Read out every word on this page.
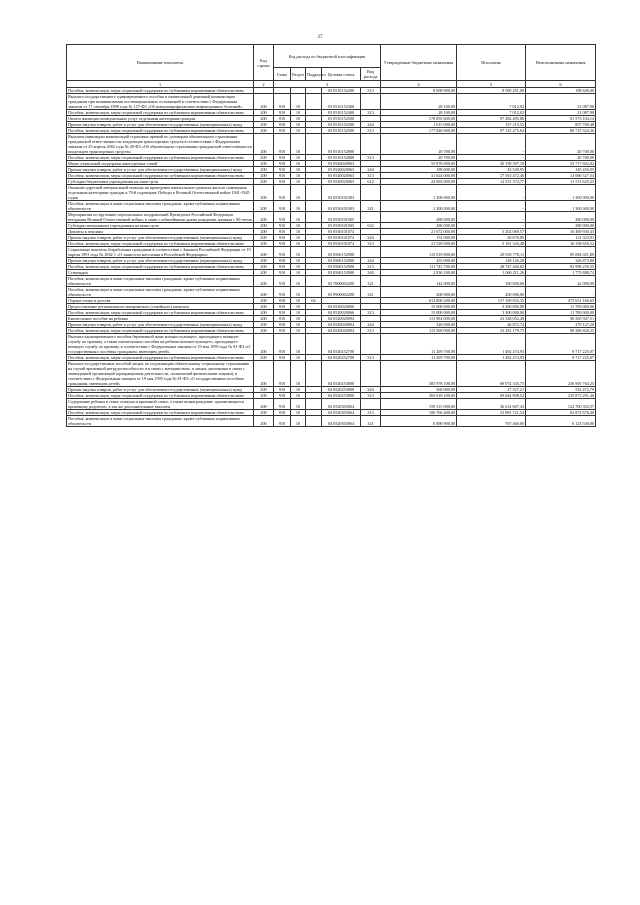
37
Наименование показателя	Код строки	Код расхода по бюджетной классификации					Утвержденные бюджетные назначения	Исполнено	Неисполненные назначения
		Глава	Раздел	Подраздел	Целевая статья	Вид расхода			
1	2	3					4	5	6
Пособия, компенсации, меры социальной поддержки по публичным нормативным обязательствам					03 0510152200	313	8 698 900,00	8 500 251,00	198 649,00
Выплата государственного единовременного пособия и ежемесячной денежной компенсации гражданам при возникновении поствакцинальных осложнений в соответствии с Федеральным законом от 17 сентября 1998 года № 157-ФЗ «Об иммунопрофилактике инфекционных болезней»	200	910	10		03 0510152400		28 100,00	7 012,02	21 087,98
Пособия, компенсации, меры социальной поддержки по публичным нормативным обязательствам	200	910	10		03 0510152400	313	28 100,00	7 012,02	21 087,98
Оплата жилищно-коммунальных услуг отдельным категориям граждан	200	910	10		03 0510152500		178 855 600,00	97 282 495,86	81 573 104,14
Прочая закупка товаров, работ и услуг для обеспечения государственных (муниципальных) нужд	200	910	10		03 0510152500	244	1 015 000,00	157 219,52	857 780,48
Пособия, компенсации, меры социальной поддержки по публичным нормативным обязательствам	200	910	10		03 0510152500	313	177 840 600,00	97 125 275,64	80 715 324,36
Выплаты инвалидам компенсаций страховых премий по договорам обязательного страхования гражданской ответственности владельцев транспортных средств в соответствии с Федеральным законом от 25 апреля 2002 года № 40-ФЗ «Об обязательном страховании гражданской ответственности владельцев транспортных средств»	200	910	10		03 0510152800		20 700,00	-	20 700,00
Пособия, компенсации, меры социальной поддержки по публичным нормативным обязательствам	200	910	10		03 0510152800	313	20 700,00	-	20 700,00
Меры социальной поддержки многодетных семей	200	910	10		03 0520020063		55 876 000,00	30 158 397,18	25 717 602,82
Прочая закупка товаров, работ и услуг для обеспечения государственных (муниципальных) нужд	200	910	10		03 0520020063	244	189 000,00	43 549,95	145 450,05
Пособия, компенсации, меры социальной поддержки по публичным нормативным обязательствам	200	910	10		03 0520020063	313	31 624 000,00	17 563 472,46	14 060 527,54
Субсидии бюджетным учреждениям на иные цели	200	910	10		03 0520020063	612	24 063 000,00	12 551 374,77	11 511 625,23
Оказание адресной материальной помощи на проведение капитального ремонта жилого помещения отдельным категориям граждан к 70-й годовщине Победы в Великой Отечественной войне 1941-1945 годов	200	910	10		03 0530101003		1 300 000,00	-	1 300 000,00
Пособия, компенсации и иные социальные выплаты гражданам, кроме публичных нормативных обязательств	200	910	10		03 0530101003	321	1 300 000,00	-	1 300 000,00
Мероприятия по вручению персональных поздравлений Президента Российской Федерации ветеранам Великой Отечественной войны, в связи с юбилейными днями рождения, начиная с 90-летия	200	910	10		03 0530101005		280 000,00	-	280 000,00
Субсидии автономным учреждениям на иные цели	200	910	10		03 0530101005	622	280 000,00	-	280 000,00
Доплаты к пенсиям	200	910	10		03 0530101074		21 672 000,00	5 202 069,57	16 469 930,43
Прочая закупка товаров, работ и услуг для обеспечения государственных (муниципальных) нужд	200	910	10		03 0530101074	244	152 000,00	20 676,09	131 323,91
Пособия, компенсации, меры социальной поддержки по публичным нормативным обязательствам	200	910	10		03 0530101074	313	21 520 000,00	5 181 343,48	16 338 656,52
Социальные выплаты безработным гражданам в соответствии с Законом Российской Федерации от 19 апреля 1991 года № 1032-1 «О занятости населения в Российской Федерации»	200	910	10		03 0560152900		115 019 800,00	29 935 778,11	85 084 021,89
Прочая закупка товаров, работ и услуг для обеспечения государственных (муниципальных) нужд	200	910	10		03 0560152900	244	455 000,00	128 126,20	326 873,80
Пособия, компенсации, меры социальной поддержки по публичным нормативным обязательствам	200	910	10		03 0560152900	313	111 745 700,00	28 747 440,65	82 998 259,35
Стипендии	200	910	10		03 0560152900	340	2 836 100,00	1 060 211,26	1 775 888,74
Пособия, компенсации и иные социальные выплаты гражданам, кроме публичных нормативных обязательств	200	910	10		02 7600002200	321	142 000,00	100 000,00	42 000,00
Пособия, компенсации и иные социальные выплаты гражданам, кроме публичных нормативных обязательств	200	910	10		03 9900002200	321	200 000,00	200 000,00	-
Охрана семьи и детства	200	910	10	04			612 800 200,00	137 169 033,35	475 631 166,65
Предоставление регионального материнского (семейного) капитала	200	910	10		04 0520020066		15 000 000,00	3 300 000,00	11 700 000,00
Пособия, компенсации, меры социальной поддержки по публичным нормативным обязательствам	200	910	10		04 0520020066	313	15 000 000,00	3 300 000,00	11 700 000,00
Ежемесячное пособие на ребенка	200	910	10		04 0520020094		113 894 000,00	23 328 052,49	90 565 947,51
Прочая закупка товаров, работ и услуг для обеспечения государственных (муниципальных) нужд	200	910	10		04 0520020094	244	326 000,00	46 872,74	279 127,26
Пособия, компенсации, меры социальной поддержки по публичным нормативным обязательствам	200	910	10		04 0520020094	313	113 568 000,00	23 281 179,75	90 286 820,25
Выплата единовременного пособия беременной жене военнослужащего, проходящего военную службу по призыву, а также ежемесячного пособия на ребенка военнослужащего, проходящего военную службу по призыву, в соответствии с Федеральным законом от 19 мая 1995 года № 81-ФЗ «О государственных пособиях гражданам, имеющим детей»	200	910	10		04 0520252700		11 209 700,00	1 492 474,93	9 717 225,07
Пособия, компенсации, меры социальной поддержки по публичным нормативным обязательствам	200	910	10		04 0520252700	313	11 209 700,00	1 492 474,93	9 717 225,07
Выплата государственных пособий лицам, не подлежащим обязательному социальному страхованию на случай временной нетрудоспособности и в связи с материнством, и лицам, уволенным в связи с ликвидацией организаций (прекращением деятельности, полномочий физическими лицами), в соответствии с Федеральным законом от 19 мая 1995 года № 81-ФЗ «О государственных пособиях гражданам, имеющим детей»	200	910	10		04 0520253800		305 978 100,00	69 072 335,75	236 905 764,25
Прочая закупка товаров, работ и услуг для обеспечения государственных (муниципальных) нужд	200	910	10		04 0520253800	244	560 000,00	27 527,21	532 472,79
Пособия, компенсации, меры социальной поддержки по публичным нормативным обязательствам	200	910	10		04 0520253800	313	304 918 100,00	69 044 808,54	235 873 291,46
Содержание ребенка в семье опекуна и приемной семье, а также вознаграждение, причитающееся приемному родителю, а так же дополнительные выплаты	200	910	10		04 0520303064		159 315 000,00	36 614 607,43	122 700 392,57
Пособия, компенсации, меры социальной поддержки по публичным нормативным обязательствам	200	910	10		04 0520303064	313	106 766 400,00	23 881 721,54	82 872 678,46
Пособия, компенсации и иные социальные выплаты гражданам, кроме публичных нормативных обязательств	200	910	10		04 0520303064	321	6 890 900,00	767 460,00	6 123 540,00
